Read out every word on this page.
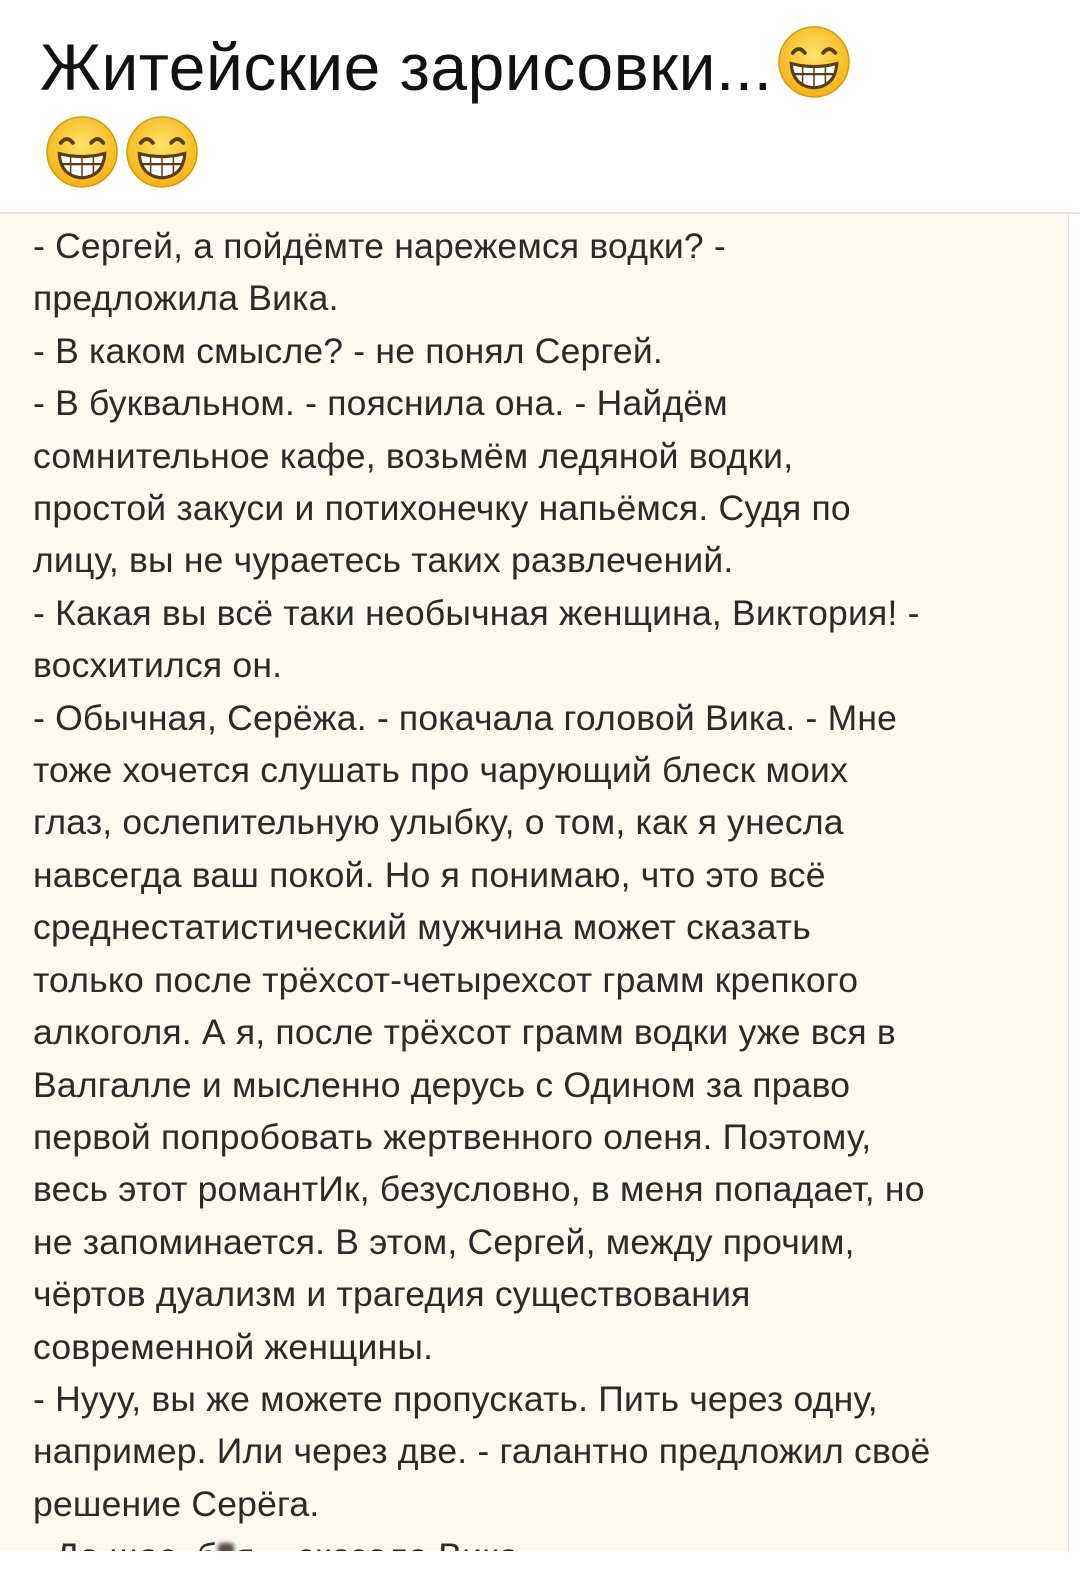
Житейские зарисовки...

- Сергей, а пойдёмте нарежемся водки? -
предложила Вика.
- В каком смысле? - не понял Сергей.
- В буквальном. - пояснила она. - Найдём
сомнительное кафе, возьмём ледяной водки,
простой закуси и потихонечку напьёмся. Судя по
лицу, вы не чураетесь таких развлечений.
- Какая вы всё таки необычная женщина, Виктория! -
восхитился он.
- Обычная, Серёжа. - покачала головой Вика. - Мне
тоже хочется слушать про чарующий блеск моих
глаз, ослепительную улыбку, о том, как я унесла
навсегда ваш покой. Но я понимаю, что это всё
среднестатистический мужчина может сказать
только после трёхсот-четырехсот грамм крепкого
алкоголя. А я, после трёхсот грамм водки уже вся в
Валгалле и мысленно дерусь с Одином за право
первой попробовать жертвенного оленя. Поэтому,
весь этот романтИк, безусловно, в меня попадает, но
не запоминается. В этом, Сергей, между прочим,
чёртов дуализм и трагедия существования
современной женщины.
- Нууу, вы же можете пропускать. Пить через одну,
например. Или через две. - галантно предложил своё
решение Серёга.
